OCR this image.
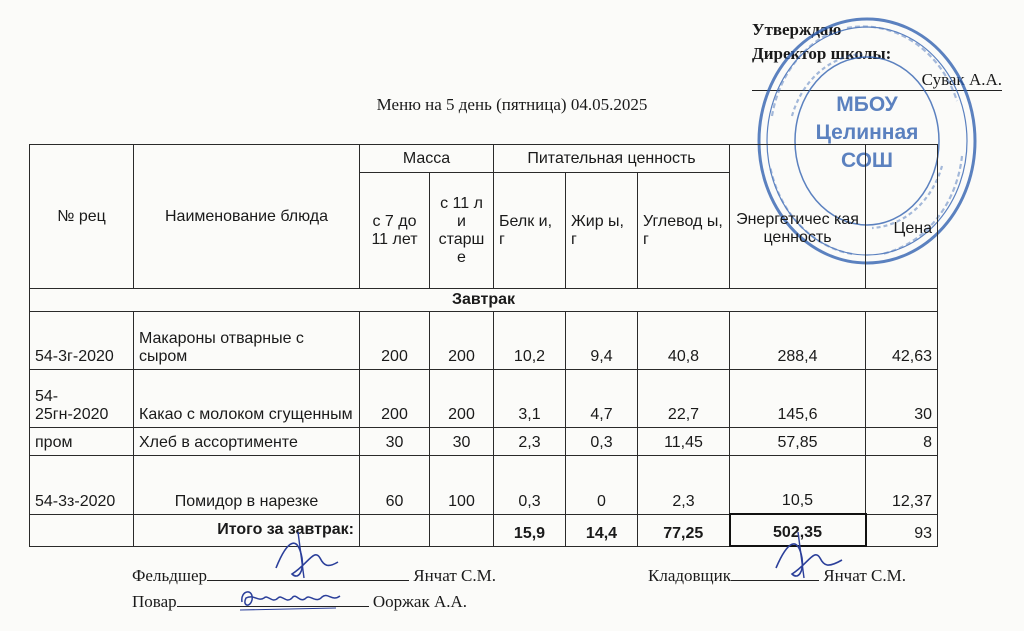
Утверждаю
Директор школы:
Сувак А.А.
МБОУ
Целинная
СОШ
Меню на 5 день (пятница) 04.05.2025
№ рец	Наименование блюда	Масса		Питательная ценность			Энергетичес кая ценность	Цена
		с 7 до 11 лет	с 11 л и старш е	Белк и, г	Жир ы, г	Углевод ы, г		
Завтрак								
54-3г-2020	Макароны отварные с сыром	200	200	10,2	9,4	40,8	288,4	42,63
54-25гн-2020	Какао с молоком сгущенным	200	200	3,1	4,7	22,7	145,6	30
пром	Хлеб в ассортименте	30	30	2,3	0,3	11,45	57,85	8
54-3з-2020	Помидор в нарезке	60	100	0,3	0	2,3	10,5	12,37
	Итого за завтрак:			15,9	14,4	77,25	502,35	93
Фельдшер	Янчат С.М.	Кладовщик	Янчат С.М.
Повар	Ооржак А.А.
